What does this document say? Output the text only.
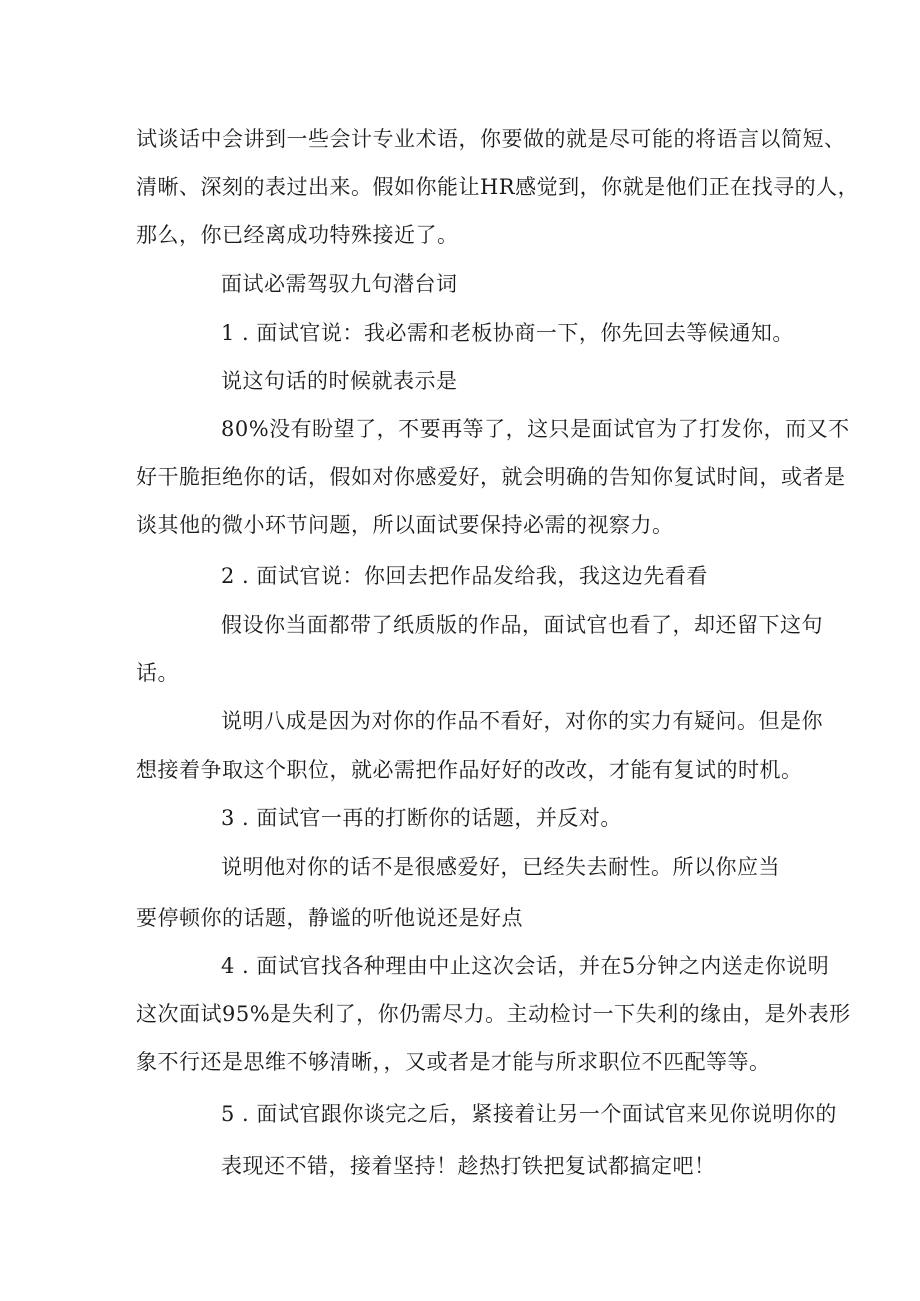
试谈话中会讲到一些会计专业术语，你要做的就是尽可能的将语言以简短、
清晰、深刻的表过出来。假如你能让HR感觉到，你就是他们正在找寻的人，
那么，你已经离成功特殊接近了。
面试必需驾驭九句潜台词
1 . 面试官说：我必需和老板协商一下，你先回去等候通知。
说这句话的时候就表示是
80%没有盼望了，不要再等了，这只是面试官为了打发你，而又不
好干脆拒绝你的话，假如对你感爱好，就会明确的告知你复试时间，或者是
谈其他的微小环节问题，所以面试要保持必需的视察力。
2 . 面试官说：你回去把作品发给我，我这边先看看
假设你当面都带了纸质版的作品，面试官也看了，却还留下这句
话。
说明八成是因为对你的作品不看好，对你的实力有疑问。但是你
想接着争取这个职位，就必需把作品好好的改改，才能有复试的时机。
3 . 面试官一再的打断你的话题，并反对。
说明他对你的话不是很感爱好，已经失去耐性。所以你应当
要停顿你的话题，静谧的听他说还是好点
4 . 面试官找各种理由中止这次会话，并在5分钟之内送走你说明
这次面试95%是失利了，你仍需尽力。主动检讨一下失利的缘由，是外表形
象不行还是思维不够清晰，，又或者是才能与所求职位不匹配等等。
5 . 面试官跟你谈完之后，紧接着让另一个面试官来见你说明你的
表现还不错，接着坚持！趁热打铁把复试都搞定吧！
